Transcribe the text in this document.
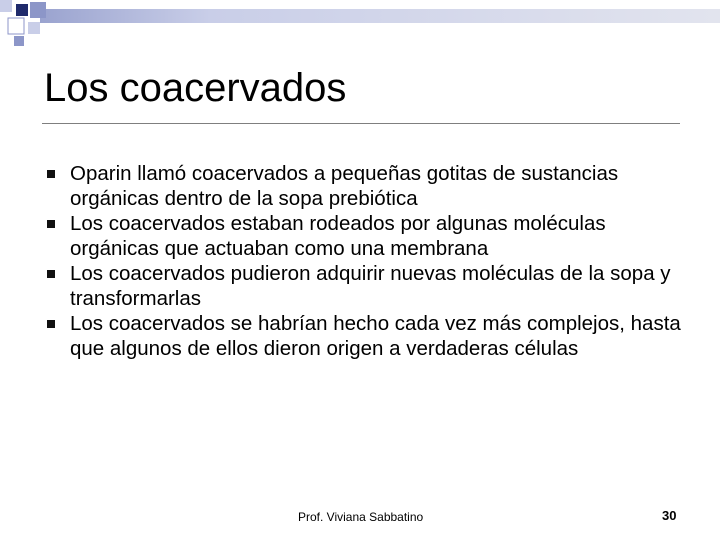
Los coacervados
Oparin llamó coacervados a pequeñas gotitas de sustancias orgánicas dentro de la sopa prebiótica
Los coacervados estaban rodeados por algunas moléculas orgánicas que actuaban como una membrana
Los coacervados pudieron adquirir nuevas moléculas de la sopa y transformarlas
Los coacervados se habrían hecho cada vez más complejos, hasta que algunos de ellos dieron origen a verdaderas células
Prof. Viviana Sabbatino	30
